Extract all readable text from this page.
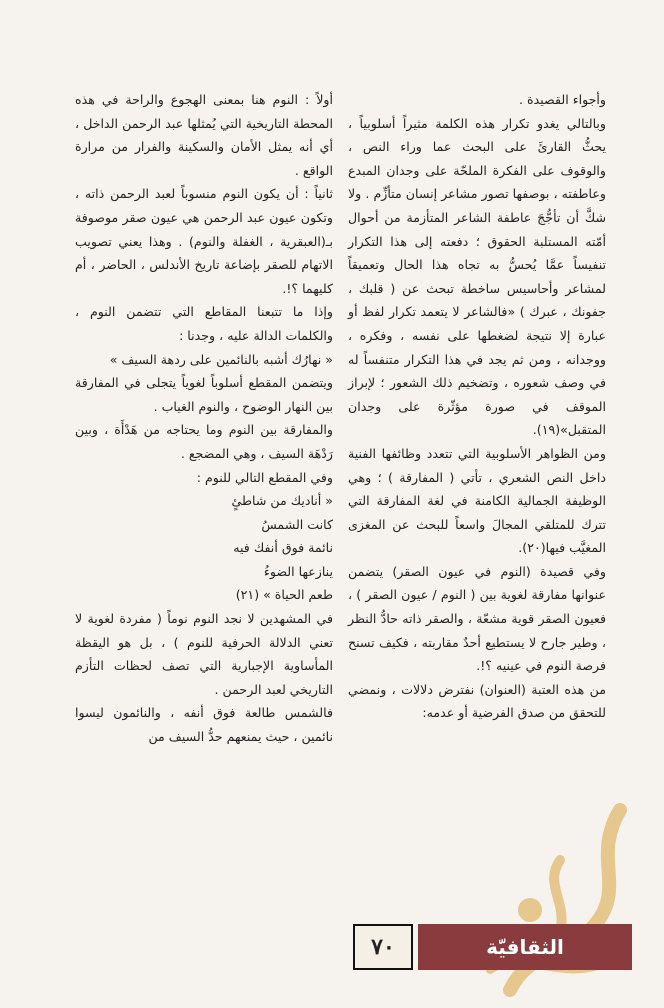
وأجواء القصيدة .

وبالتالي يغدو تكرار هذه الكلمة مثيراً أسلوبياً ، يحثُّ القارئَ على البحث عما وراء النص ، والوقوف على الفكرة الملحّة على وجدان المبدع وعاطفته ، بوصفها تصور مشاعر إنسان متأزِّم . ولا شكَّ أن تأجُّجَ عاطفة الشاعر المتأزمة من أحوال أمّته المستلبة الحقوق ؛ دفعته إلى هذا التكرار تنفيساً عمَّا يُحسُّ به تجاه هذا الحال وتعميقاً لمشاعر وأحاسيس ساخطة تبحث عن ( قلبك ، جفونك ، عبرك ) «فالشاعر لا يتعمد تكرار لفظ أو عبارة إلا نتيجة لضغطها على نفسه ، وفكره ، ووجدانه ، ومن ثم يجد في هذا التكرار متنفساً له في وصف شعوره ، وتضخيم ذلك الشعور ؛ لإبراز الموقف في صورة مؤثّرة على وجدان المتقبل»(١٩).

ومن الظواهر الأسلوبية التي تتعدد وظائفها الفنية داخل النص الشعري ، تأتي ( المفارقة ) ؛ وهي الوظيفة الجمالية الكامنة في لغة المفارقة التي تترك للمتلقي المجالَ واسعاً للبحث عن المغزى المغيَّب فيها(٢٠).

وفي قصيدة (النوم في عيون الصقر) يتضمن عنوانها مفارقة لغوية بين ( النوم / عيون الصقر ) ، فعيون الصقر قوية مشعّة ، والصقر ذاته حادُّ النظر ، وطير جارح لا يستطيع أحدٌ مقاربته ، فكيف تسنح فرصة النوم في عينيه ؟!.

من هذه العتبة (العنوان) نفترض دلالات ، ونمضي للتحقق من صدق الفرضية أو عدمه:

أولاً : النوم هنا بمعنى الهجوع والراحة في هذه المحطة التاريخية التي يُمثلها عبد الرحمن الداخل ، أي أنه يمثل الأمان والسكينة والفرار من مرارة الواقع .

ثانياً : أن يكون النوم منسوباً لعبد الرحمن ذاته ، وتكون عيون عبد الرحمن هي عيون صقر موصوفة بـ(العبقرية ، الغفلة والنوم) . وهذا يعني تصويب الاتهام للصقر بإضاعة تاريخ الأندلس ، الحاضر ، أم كليهما ؟!.

وإذا ما تتبعنا المقاطع التي تتضمن النوم ، والكلمات الدالة عليه ، وجدنا :

« نهارُك أشبه بالنائمين على ردهة السيف »

ويتضمن المقطع أسلوباً لغوياً يتجلى في المفارقة بين النهار الوضوح ، والنوم الغياب .

والمفارقة بين النوم وما يحتاجه من هَدْأَة ، وبين رَدْهَة السيف ، وهي المضجع .

وفي المقطع التالي للنوم :

« أناديك من شاطئٍ

كانت الشمسُ

نائمة فوق أنفك فيه

ينازعها الضوءُ

طعم الحياة » (٢١)

في المشهدين لا نجد النوم نوماً ( مفردة لغوية لا تعني الدلالة الحرفية للنوم ) ، بل هو اليقظة المأساوية الإجبارية التي تصف لحظات التأزم التاريخي لعبد الرحمن .

فالشمس طالعة فوق أنفه ، والنائمون ليسوا نائمين ، حيث يمنعهم حدُّ السيف من

٧٠	الثقافيّة
